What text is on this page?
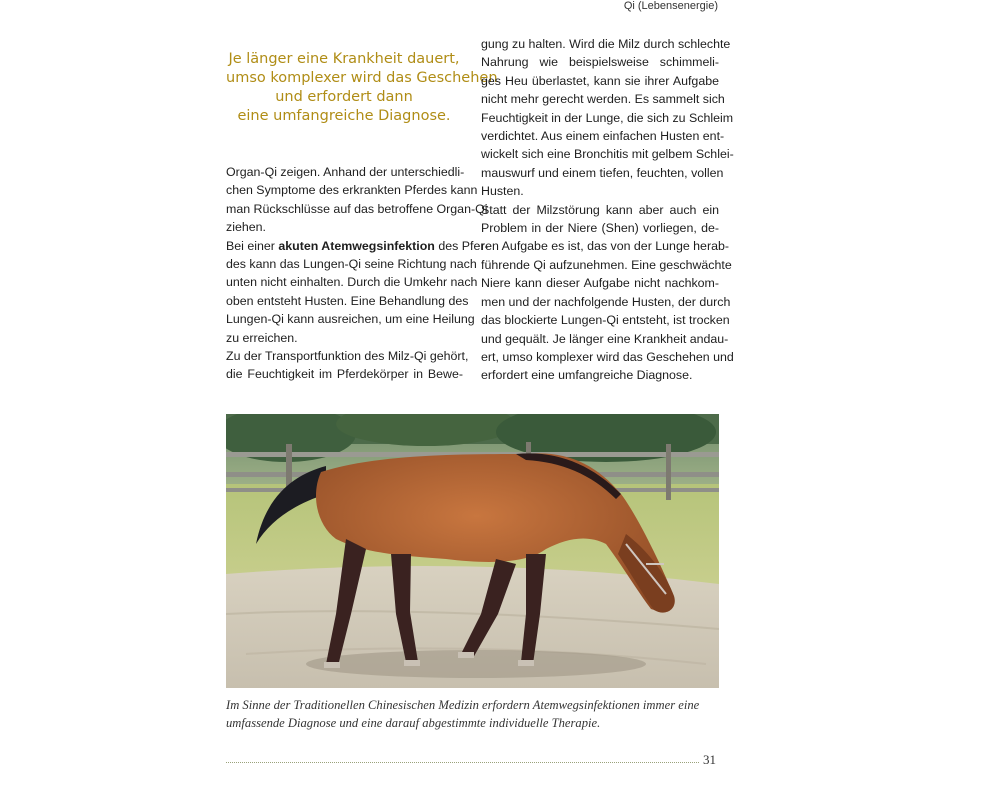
Qi (Lebensenergie)
Je länger eine Krankheit dauert,
umso komplexer wird das Geschehen
und erfordert dann
eine umfangreiche Diagnose.
Organ-Qi zeigen. Anhand der unterschiedli-
chen Symptome des erkrankten Pferdes kann
man Rückschlüsse auf das betroffene Organ-Qi
ziehen.
Bei einer akuten Atemwegsinfektion des Pfer-
des kann das Lungen-Qi seine Richtung nach
unten nicht einhalten. Durch die Umkehr nach
oben entsteht Husten. Eine Behandlung des
Lungen-Qi kann ausreichen, um eine Heilung
zu erreichen.
Zu der Transportfunktion des Milz-Qi gehört,
die Feuchtigkeit im Pferdekörper in Bewe-
gung zu halten. Wird die Milz durch schlechte
Nahrung wie beispielsweise schimmeli-
ges Heu überlastet, kann sie ihrer Aufgabe
nicht mehr gerecht werden. Es sammelt sich
Feuchtigkeit in der Lunge, die sich zu Schleim
verdichtet. Aus einem einfachen Husten ent-
wickelt sich eine Bronchitis mit gelbem Schlei-
mauswurf und einem tiefen, feuchten, vollen
Husten.
Statt der Milzstörung kann aber auch ein
Problem in der Niere (Shen) vorliegen, de-
ren Aufgabe es ist, das von der Lunge herab-
führende Qi aufzunehmen. Eine geschwächte
Niere kann dieser Aufgabe nicht nachkom-
men und der nachfolgende Husten, der durch
das blockierte Lungen-Qi entsteht, ist trocken
und gequält. Je länger eine Krankheit andau-
ert, umso komplexer wird das Geschehen und
erfordert eine umfangreiche Diagnose.
Im Sinne der Traditionellen Chinesischen Medizin erfordern Atemwegsinfektionen immer eine
umfassende Diagnose und eine darauf abgestimmte individuelle Therapie.
31
